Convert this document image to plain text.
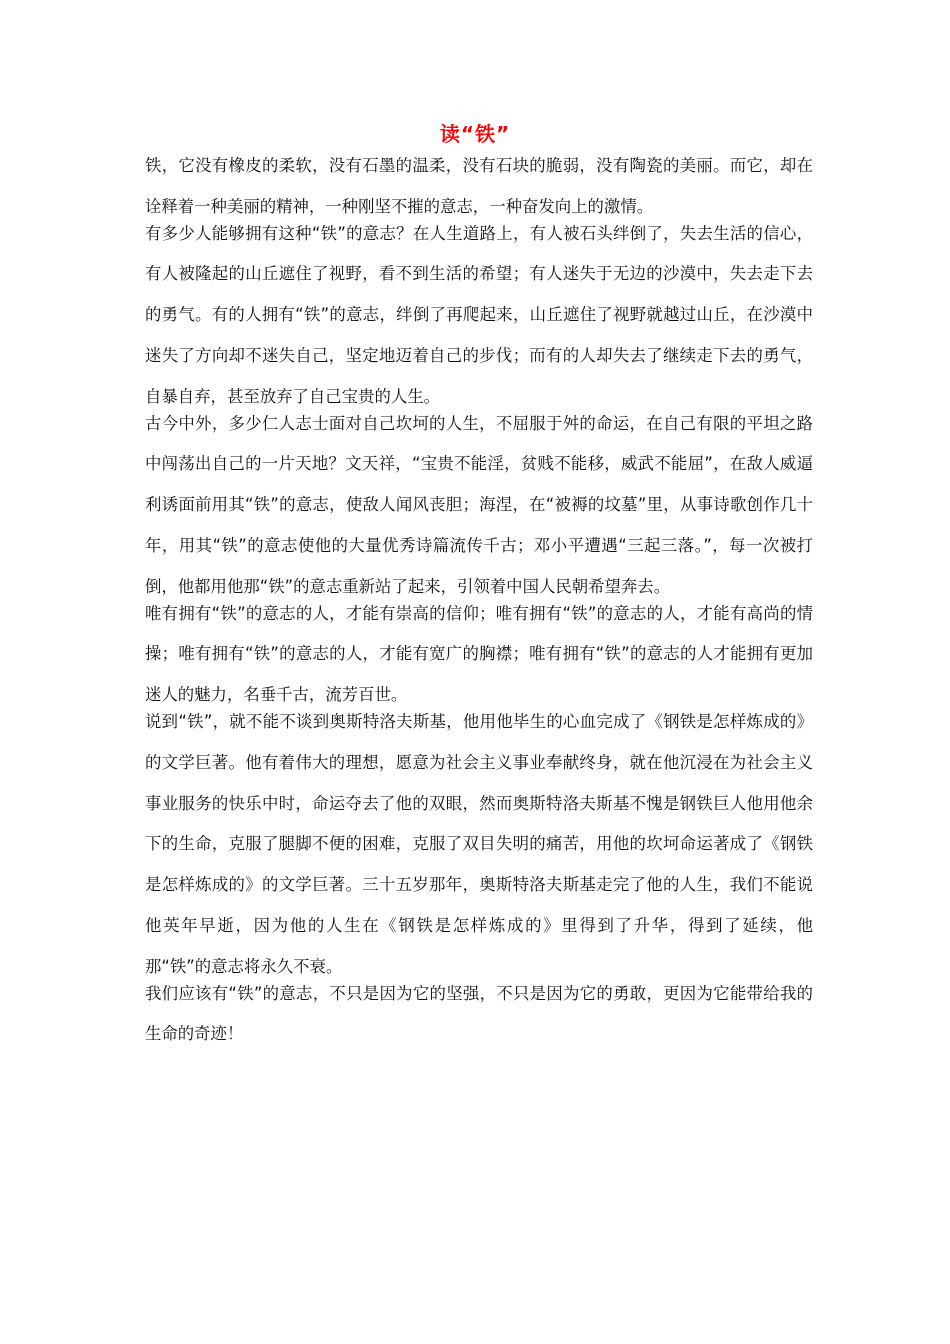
读“铁”

铁，它没有橡皮的柔软，没有石墨的温柔，没有石块的脆弱，没有陶瓷的美丽。而它，却在诠释着一种美丽的精神，一种刚坚不摧的意志，一种奋发向上的激情。

有多少人能够拥有这种“铁”的意志？在人生道路上，有人被石头绊倒了，失去生活的信心，有人被隆起的山丘遮住了视野，看不到生活的希望；有人迷失于无边的沙漠中，失去走下去的勇气。有的人拥有“铁”的意志，绊倒了再爬起来，山丘遮住了视野就越过山丘，在沙漠中迷失了方向却不迷失自己，坚定地迈着自己的步伐；而有的人却失去了继续走下去的勇气，自暴自弃，甚至放弃了自己宝贵的人生。

古今中外，多少仁人志士面对自己坎坷的人生，不屈服于舛的命运，在自己有限的平坦之路中闯荡出自己的一片天地？文天祥，“宝贵不能淫，贫贱不能移，威武不能屈”，在敌人威逼利诱面前用其“铁”的意志，使敌人闻风丧胆；海涅，在“被褥的坟墓”里，从事诗歌创作几十年，用其“铁”的意志使他的大量优秀诗篇流传千古；邓小平遭遇“三起三落。”，每一次被打倒，他都用他那“铁”的意志重新站了起来，引领着中国人民朝希望奔去。

唯有拥有“铁”的意志的人，才能有崇高的信仰；唯有拥有“铁”的意志的人，才能有高尚的情操；唯有拥有“铁”的意志的人，才能有宽广的胸襟；唯有拥有“铁”的意志的人才能拥有更加迷人的魅力，名垂千古，流芳百世。

说到“铁”，就不能不谈到奥斯特洛夫斯基，他用他毕生的心血完成了《钢铁是怎样炼成的》的文学巨著。他有着伟大的理想，愿意为社会主义事业奉献终身，就在他沉浸在为社会主义事业服务的快乐中时，命运夺去了他的双眼，然而奥斯特洛夫斯基不愧是钢铁巨人他用他余下的生命，克服了腿脚不便的困难，克服了双目失明的痛苦，用他的坎坷命运著成了《钢铁是怎样炼成的》的文学巨著。三十五岁那年，奥斯特洛夫斯基走完了他的人生，我们不能说他英年早逝，因为他的人生在《钢铁是怎样炼成的》里得到了升华，得到了延续，他那“铁”的意志将永久不衰。

我们应该有“铁”的意志，不只是因为它的坚强，不只是因为它的勇敢，更因为它能带给我的生命的奇迹！
